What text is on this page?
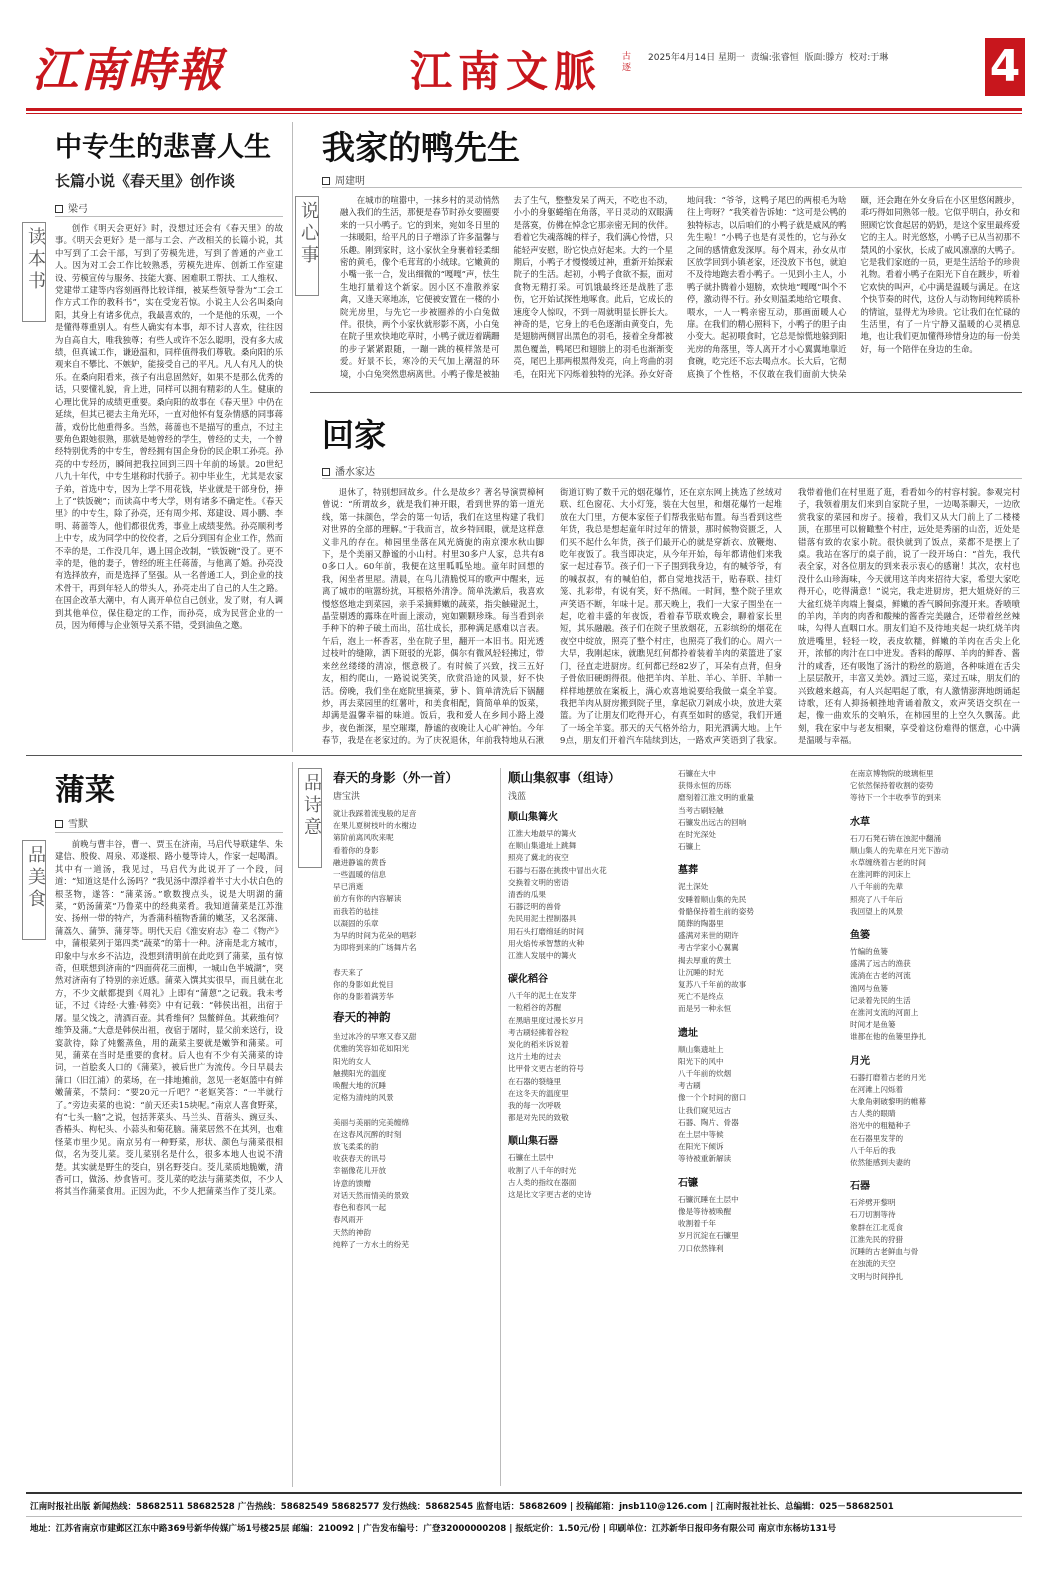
江南時報	江南文脈	古 逐
2025年4月14日 星期一 责编:张睿恒 版面:滕方 校对:于琳	4
中专生的悲喜人生
长篇小说《春天里》创作谈
梁弓
读本书	创作《明天会更好》时，没想过还会有《春天里》的故事。《明天会更好》是一部与工会、产改相关的长篇小说，其中写到了工会干部，写到了劳模先进，写到了普通的产业工人。因为对工会工作比较熟悉，劳模先进库、创新工作室建设、劳模宣传与服务、技能大赛、困难职工帮扶、工人维权、党建带工建等内容刻画得比较详细，被某些领导誉为“工会工作方式工作的教科书”，实在受宠若惊。小说主人公名叫桑向阳，其身上有诸多优点，我最喜欢的，一个是他的乐观，一个是懂得尊重别人。有些人确实有本事，却不讨人喜欢，往往因为自高自大，唯我独尊；有些人或许不怎么聪明，没有多大成绩，但真诚工作，谦逊温和，同样值得我们尊敬。桑向阳的乐观来自不攀比、不嫉妒，能接受自己的平凡。凡人有凡人的快乐。在桑向阳看来，孩子有出息固然好，如果不是那么优秀的话，只要懂礼貌，肯上进，同样可以拥有精彩的人生。健康的心理比优异的成绩更重要。桑向阳的故事在《春天里》中仍在延续，但其已褪去主角光环，一直对他怀有复杂情感的同事蒋蔷，戏份比他重得多。当然，蒋蔷也不是描写的重点，不过主要角色跟她很熟，那就是她曾经的学生，曾经的丈夫，一个曾经特别优秀的中专生，曾经拥有国企身份的民企职工孙亮。孙亮的中专经历，瞬间把我拉回到三四十年前的场景。20世纪八九十年代，中专生堪称时代骄子。初中毕业生，尤其是农家子弟，首选中专，因为上学不用花钱，毕业就是干部身份，捧上了“铁饭碗”；而读高中考大学，则有诸多不确定性。《春天里》的中专生，除了孙亮，还有周少邦、郑建设、周小鹏、李明、蒋蔷等人，他们都很优秀，事业上成绩斐然。孙亮顺利考上中专，成为同学中的佼佼者，之后分到国有企业工作，然而不幸的是，工作没几年，遇上国企改制，“铁饭碗”没了。更不幸的是，他的妻子，曾经的班主任蒋蔷，与他离了婚。孙亮没有选择放弃，而是选择了坚强。从一名普通工人，到企业的技术骨干，再到年轻人的带头人，孙亮走出了自己的人生之路。在国企改革大潮中，有人离开单位自己创业，发了财，有人调到其他单位，保住稳定的工作，而孙亮，成为民营企业的一员，因为师傅与企业领导关系不错，受到油鱼之邀。
我家的鸭先生
周建明
说心事
在城市的喧嚣中，一抹乡村的灵动悄然融入我们的生活，那便是春节时孙女要圈要来的一只小鸭子。它的到来，宛如冬日里的一抹暖阳，给平凡的日子增添了许多温馨与乐趣。刚到家时，这小家伙全身裹着轻柔细密的黄毛，像个毛茸茸的小绒球。它嫩黄的小嘴一张一合，发出细微的“嘎嘎”声，怯生生地打量着这个新家。因小区不准散养家禽，又逢天寒地冻，它便被安置在一楼的小院光房里，与先它一步被圈养的小白兔做伴。很快，两个小家伙就形影不离，小白兔在院子里欢快地吃草时，小鸭子就迈着蹒跚的步子紧紧跟随，一蹦一跳的模样煞是可爱。好景不长，寒冷的天气加上潮湿的环境，小白兔突然患病离世。小鸭子像是被抽去了生气，整整发呆了两天，不吃也不动，小小的身躯蜷缩在角落，平日灵动的双眼满是落寞，仿佛在悼念它那亲密无间的伙伴。看着它失魂落魄的样子，我们满心怜惜，只能轻声安慰，盼它快点好起来。大约一个星期后，小鸭子才慢慢缓过神，重新开始探索院子的生活。起初，小鸭子食欲不振，面对食物无精打采。可饥饿最终还是战胜了悲伤，它开始试探性地啄食。此后，它成长的速度令人惊叹，不到一周就明显长胖长大。神奇的是，它身上的毛色逐渐由黄变白，先是翅膀两侧冒出黑色的羽毛，接着全身都被黑色覆盖，鸭尾巴和翅膀上的羽毛也渐渐变亮，尾巴上那两根黑得发亮，向上弯曲的羽毛，在阳光下闪烁着独特的光泽。孙女好奇地问我：“爷爷，这鸭子尾巴的两根毛为啥往上弯呀？”我笑着告诉她：“这可是公鸭的独特标志，以后咱们的小鸭子就是威风的鸭先生啦！”小鸭子也是有灵性的，它与孙女之间的感情愈发深厚。每个周末，孙女从市区放学回到小镇老家，还没放下书包，就迫不及待地跑去看小鸭子。一见到小主人，小鸭子就扑腾着小翅膀，欢快地“嘎嘎”叫个不停，激动得不行。孙女则温柔地给它喂食、喂水，一人一鸭亲密互动，那画面暖人心扉。在我们的精心照料下，小鸭子的胆子由小变大。起初喂食时，它总是惊慌地躲到阳光房的角落里，等人离开才小心翼翼地靠近食碗，吃完还不忘去喝点水。长大后，它彻底换了个性格，不仅敢在我们面前大快朵颐，还会跑在外女身后在小区里悠闲踱步，乖巧得如同熟邻一般。它似乎明白，孙女和照顾它饮食起居的奶奶，是这个家里最疼爱它的主人。时光悠悠，小鸭子已从当初那不禁风的小家伙，长成了威风凛凛的大鸭子。它是我们家庭的一员，更是生活给予的珍贵礼物。看着小鸭子在阳光下自在踱步，听着它欢快的叫声，心中满是温暖与满足。在这个快节奏的时代，这份人与动物间纯粹质朴的情谊，显得尤为珍贵。它让我们在忙碌的生活里，有了一片宁静又温暖的心灵栖息地，也让我们更加懂得珍惜身边的每一份美好，每一个陪伴在身边的生命。
回家
潘水家达
退休了，特别想回故乡。什么是故乡？著名导演贾樟柯曾说：“所谓故乡，就是我们神开眼，看到世界的第一道光线，第一抹颜色，学会的第一句话，我们在这里构建了我们对世界的全部的理解。”于我而言，故乡特回眼，就是这样意义非凡的存在。柿园里坐落在风光旖旎的南京溧水秋山脚下，是个美丽又静谧的小山村。村里30多户人家，总共有80多口人。60年前，我便在这里呱呱坠地。童年时回想的我，闲坐者里屋。清晨，在鸟儿清脆悦耳的歌声中醒来，远离了城市的喧嚣纷扰，耳根格外清净。简单洗漱后，我喜欢慢悠悠地走到菜园，亲手采摘鲜嫩的蔬菜，指尖触碰泥土，晶莹剔透的露珠在叶面上滚动，宛如颗颗珍珠。每当看到亲手种下的种子破土而出，茁壮成长，那种满足感难以言表。午后，泡上一杯香茗，坐在院子里，翻开一本旧书。阳光透过枝叶的缝隙，洒下斑驳的光影，偶尔有微风轻轻拂过，带来丝丝缕缕的清凉，惬意极了。有时候了兴致，找三五好友，相约爬山，一路说说笑笑，欣赏沿途的风景，好不快活。傍晚，我们坐在庭院里摘菜，萝卜、简单清洗后下锅翻炒，再去菜园里的红薯叶，和美食相配，简简单单的饭菜，却满是温馨幸福的味道。饭后，我和爱人在乡间小路上漫步，夜色渐深，星空璀璨，静谧的夜晚让人心旷神怡。今年春节，我是在老家过的。为了庆祝退休，年前我特地从石湫街道订购了数千元的烟花爆竹，还在京东网上挑选了丝绒对联、红色窗花、大小灯笼，装在大包里，和烟花爆竹一起堆放在大门里，方便本家侄子们帮我张贴布置。每当看到这些年货，我总是想起童年时过年的情景，那时候物资匮乏，人们买不起什么年货，孩子们最开心的就是穿新衣、放鞭炮、吃年夜饭了。我当即决定，从今年开始，每年都请他们来我家一起过春节。孩子们一下子围到我身边，有的喊爷爷，有的喊叔叔，有的喊伯伯，都自觉地找活干，贴春联、挂灯笼、扎彩带，有说有笑，好不热闹。一时间，整个院子里欢声笑语不断，年味十足。那天晚上，我们一大家子围坐在一起，吃着丰盛的年夜饭，看着春节联欢晚会，聊着家长里短，其乐融融。孩子们在院子里放烟花，五彩缤纷的烟花在夜空中绽放，照亮了整个村庄，也照亮了我们的心。周六一大早，我刚起床，就瞧见红何都拎着装着羊肉的菜篮进了家门，径直走进厨房。红何都已经82岁了，耳朵有点背，但身子骨依旧硬朗得很。他把羊肉、羊肚、羊心、羊肝、羊肺一样样地摆放在案板上，满心欢喜地说要给我做一桌全羊宴。我把羊肉从厨房搬到院子里，拿起砍刀剁成小块，放进大菜篮。为了让朋友们吃得开心，有真至如时的感觉，我们开通了一场全羊宴。那天的天气格外给力，阳光洒满大地。上午9点，朋友们开着汽车陆续到达，一路欢声笑语到了我家。我带着他们在村里逛了逛，看看如今的村容村貌。参观完村子，我领着朋友们来到自家院子里，一边喝茶聊天，一边欣赏我家的菜园和房子。接着，我们又从大门前上了二楼楼顶，在那里可以俯瞰整个村庄，远处是秀丽的山峦，近处是错落有致的农家小院。很快就到了饭点，菜都不是摆上了桌。我站在客厅的桌子前，说了一段开场白：“首先，我代表全家，对各位朋友的到来表示衷心的感谢！其次，农村也没什么山珍海味，今天就用这羊肉来招待大家，希望大家吃得开心，吃得满意！”说完，我走进厨房，把大姐烧好的三大盆红烧羊肉端上餐桌，鲜嫩的香气瞬间弥漫开来。香喷喷的羊肉，羊肉的肉香和酸辣的酱香完美融合，还带着丝丝辣味，勾得人直咽口水。朋友们迫不及待地夹起一块红烧羊肉放进嘴里，轻轻一咬，表皮软糯，鲜嫩的羊肉在舌尖上化开，浓郁的肉汁在口中迸发。香料的醇厚、羊肉的鲜香、酱汁的咸香，还有吸饱了汤汁的粉丝的筋道，各种味道在舌尖上层层散开，丰富又美妙。酒过三巡，菜过五味，朋友们的兴致越来越高，有人兴起唱起了歌，有人激情澎湃地朗诵起诗歌，还有人抑扬顿挫地背诵着散文，欢声笑语交织在一起，像一曲欢乐的交响乐，在柿园里的上空久久飘荡。此刻，我在家中与老友相聚，享受着这份难得的惬意，心中满是温暖与幸福。
蒲菜
雪默
品美食
前晚与曹丰谷，曹一、贾玉在济南，马启代导联建华、朱建信、殷俊、周泉、邓遂根、路小曼等诗人，作家一起喝酒。其中有一道汤，我见过，马启代为此说开了一个段，问道：“知道这是什么汤吗？”我见汤中漂浮着半寸大小状白色的根茎物，遂答：“蒲菜汤。”歌数搜点头，说是大明湖的蒲菜，“奶汤蒲菜”乃鲁菜中的经典菜肴。我知道蒲菜是江苏淮安、扬州一带的特产，为香蒲科植物香蒲的嫩茎，又名深蒲、蒲荔久、蒲笋、蒲芽等。明代天启《淮安府志》卷二《物产》中，蒲根菜列于第四类“蔬菜”的第十一种。济南是北方城市，印象中与水乡不沾边，没想到清明前在此吃到了蒲菜，虽有惊奇，但联想到济南的“四面荷花三面柳，一城山色半城湖”，突然对济南有了特别的亲近感。蒲菜入馔其实很早，而且就在北方，不少文献都提到《周礼》上即有“蒲蒽”之记载。我未考证，不过《诗经·大雅·韩奕》中有记载：“韩侯出祖，出宿于屠。显父饯之，清酒百壶。其肴维何？炰鳖鲜鱼。其蔌维何？维笋及蒲。”大意是韩侯出祖，夜宿于屠时，显父前来送行，设宴款待，除了炖鳖蒸鱼，用的蔬菜主要就是嫩笋和蒲菜。可见，蒲菜在当时是重要的食材。后人也有不少有关蒲菜的诗词，一首脍炙人口的《蒲菜》，被后世广为流传。今日早晨去蒲口（旧江浦）的菜场，在一排地摊前，忽见一老妪篮中有鲜嫩蒲菜，不禁问：“要20元一斤吧？”老妪笑答：“一半就行了。”旁边卖菜的也说：“前天还卖15块呢。”南京人喜食野菜，有“七头一脑”之说，包括荠菜头、马兰头、苜蓿头、豌豆头、香椿头、枸杞头、小蒜头和菊花脑。蒲菜居然不在其列，也难怪菜市里少见。南京另有一种野菜，形状、颜色与蒲菜很相似，名为茭儿菜。茭儿菜别名是什么，很多本地人也说不清楚。其实就是野生的茭白，别名野茭白。茭儿菜质地脆嫩，清香可口，做汤、炒食皆可。茭儿菜的吃法与蒲菜类似，不少人将其当作蒲菜食用。正因为此，不少人把蒲菜当作了茭儿菜。
品诗意 春天的身影（外一首）
唐宝洪
就让我踩着流曳般的足音
在果儿夏树枝叶的水榭边
第阶前离风吹来呢
看着你的身影
融进静谧的黄昏
一些温暖的信息
早已消逝
前方有你的内容解读
而我若的毡挂
以凝固的乐章
为早的时间为花朵的唱彩
为即将到来的广场舞片名

春天来了
你的身影如此悦目
你的身影着满芳华
春天的神韵
坐过冰冷的早寒又春又甜
优雅的笑容如花如阳光
阳光的女人
触摸阳光的温度
唤醒大地的沉睡
定格为清纯的风景

美丽与美丽的完美缠绵
在这春风沉醉的时刻
放飞柔柔的韵
收获春天的讯号
幸福像花儿开放
诗意的馈赠
对话天然而情美的景致
春色和春风一起
春风雨开
天然的神韵
纯粹了一方水土的纷芜
顺山集叙事（组诗）
浅蓝
顺山集篝火
江淮大地最早的篝火
在顺山集遗址上跳舞
照亮了冀北的夜空
石器与石器在挑拨中冒出火花
交换着文明的密语
清香的瓜果
石器泛明的兽骨
先民用泥土捏制器具
用石头打磨绵延的时间
用火焰传承智慧的火种
江淮人发展中的篝火
碳化稻谷
八千年的泥土在发芽
一粒稻谷的苏醒
在黑暗里度过漫长岁月
考古刷轻拂着谷粒
炭化的稻米诉说着
这片土地的过去
比甲骨文更古老的符号
在石器的裂缝里
在这冬天的温度里
我的每一次呼吸
都是对先民的致敬
顺山集石器
石镰在土层中
收割了八千年的时光
古人类的指纹在器面
这是比文字更古老的史诗
石镰在大中
获得永恒的历练
磨刻着江淮文明的重量
当考古刷轻触
石镰发出远古的回响
在时光深处
石镰上
墓葬
泥土深处
安睡着顺山集的先民
骨骼保持着生前的姿势
随葬的陶器里
盛满对来世的期许
考古学家小心翼翼
揭去厚重的黄土
让沉睡的时光
复苏八千年前的故事
死亡不是终点
而是另一种永恒
遗址
顺山集遗址上
阳光下的风中
八千年前的炊烟
考古刷
像一个个时间的窗口
让我们窥见远古
石器、陶片、骨器
在土层中等候
在阳光下倾诉
等待被重新解读
石镰
石镰沉睡在土层中
像是等待被唤醒
收割着千年
岁月沉淀在石镰里
刀口依然锋利
在南京博物院的玻璃柜里
它依然保持着收割的姿势
等待下一个丰收季节的到来
水草
石刀石凳石锛在浊泥中翻涌
顺山集人的先辈在月光下游动
水草缠绕着古老的时间
在淮河畔的河床上
八千年前的先辈
照亮了八千年后
我回望上的风景
鱼篓
竹编的鱼篓
盛满了远古的渔获
流淌在古老的河流
渔网与鱼篓
记录着先民的生活
在淮河支流的河面上
时间才是鱼篓
谁都在他的鱼篓里挣扎
月光
石器打磨着古老的月光
在河滩上闪烁着
大象角刺破黎明的帷幕
古人类的眼睛
浴光中的粗糙种子
在石器里发芽的
八千年后的我
依然能感到夫妻的
石器
石斧劈开黎明
石刀切割等待
象群在江北觅食
江淮先民的狩猎
沉睡的古老鲜血与骨
在浊流的天空
文明与时间挣扎
江南时报社出版 新闻热线：58682511 58682528 广告热线：58682549 58682577 发行热线：58682545 监督电话：58682609 | 投稿邮箱：jnsb110@126.com | 江南时报社社长、总编辑：025－58682501
地址：江苏省南京市建邺区江东中路369号新华传媒广场1号楼25层 邮编：210092 | 广告发布编号：广登32000000208 | 报纸定价：1.50元/份 | 印刷单位：江苏新华日报印务有限公司 南京市东杨坊131号
